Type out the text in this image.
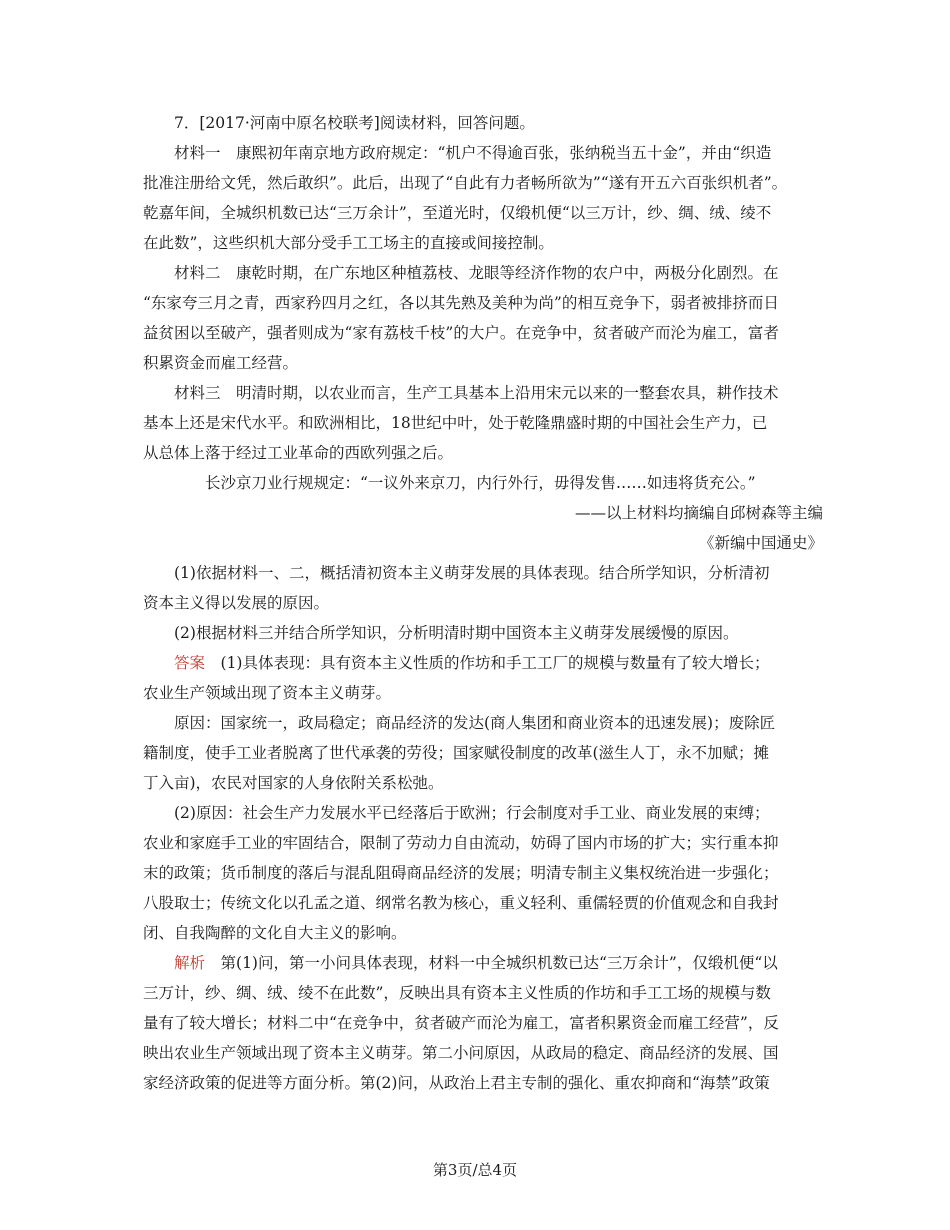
7．[2017·河南中原名校联考]阅读材料，回答问题。
材料一　康熙初年南京地方政府规定：“机户不得逾百张，张纳税当五十金”，并由“织造
批准注册给文凭，然后敢织”。此后，出现了“自此有力者畅所欲为”“遂有开五六百张织机者”。
乾嘉年间，全城织机数已达“三万余计”，至道光时，仅缎机便“以三万计，纱、绸、绒、绫不
在此数”，这些织机大部分受手工工场主的直接或间接控制。
材料二　康乾时期，在广东地区种植荔枝、龙眼等经济作物的农户中，两极分化剧烈。在
“东家夸三月之青，西家矜四月之红，各以其先熟及美种为尚”的相互竞争下，弱者被排挤而日
益贫困以至破产，强者则成为“家有荔枝千枝”的大户。在竞争中，贫者破产而沦为雇工，富者
积累资金而雇工经营。
材料三　明清时期，以农业而言，生产工具基本上沿用宋元以来的一整套农具，耕作技术
基本上还是宋代水平。和欧洲相比，18世纪中叶，处于乾隆鼎盛时期的中国社会生产力，已
从总体上落于经过工业革命的西欧列强之后。
长沙京刀业行规规定：“一议外来京刀，内行外行，毋得发售……如违将货充公。”
——以上材料均摘编自邱树森等主编
《新编中国通史》
(1)依据材料一、二，概括清初资本主义萌芽发展的具体表现。结合所学知识，分析清初
资本主义得以发展的原因。
(2)根据材料三并结合所学知识，分析明清时期中国资本主义萌芽发展缓慢的原因。
答案　(1)具体表现：具有资本主义性质的作坊和手工工厂的规模与数量有了较大增长；
农业生产领域出现了资本主义萌芽。
原因：国家统一，政局稳定；商品经济的发达(商人集团和商业资本的迅速发展)；废除匠
籍制度，使手工业者脱离了世代承袭的劳役；国家赋役制度的改革(滋生人丁，永不加赋；摊
丁入亩)，农民对国家的人身依附关系松弛。
(2)原因：社会生产力发展水平已经落后于欧洲；行会制度对手工业、商业发展的束缚；
农业和家庭手工业的牢固结合，限制了劳动力自由流动，妨碍了国内市场的扩大；实行重本抑
末的政策；货币制度的落后与混乱阻碍商品经济的发展；明清专制主义集权统治进一步强化；
八股取士；传统文化以孔孟之道、纲常名教为核心，重义轻利、重儒轻贾的价值观念和自我封
闭、自我陶醉的文化自大主义的影响。
解析　第(1)问，第一小问具体表现，材料一中全城织机数已达“三万余计”，仅缎机便“以
三万计，纱、绸、绒、绫不在此数”，反映出具有资本主义性质的作坊和手工工场的规模与数
量有了较大增长；材料二中“在竞争中，贫者破产而沦为雇工，富者积累资金而雇工经营”，反
映出农业生产领域出现了资本主义萌芽。第二小问原因，从政局的稳定、商品经济的发展、国
家经济政策的促进等方面分析。第(2)问，从政治上君主专制的强化、重农抑商和“海禁”政策
第3页/总4页
